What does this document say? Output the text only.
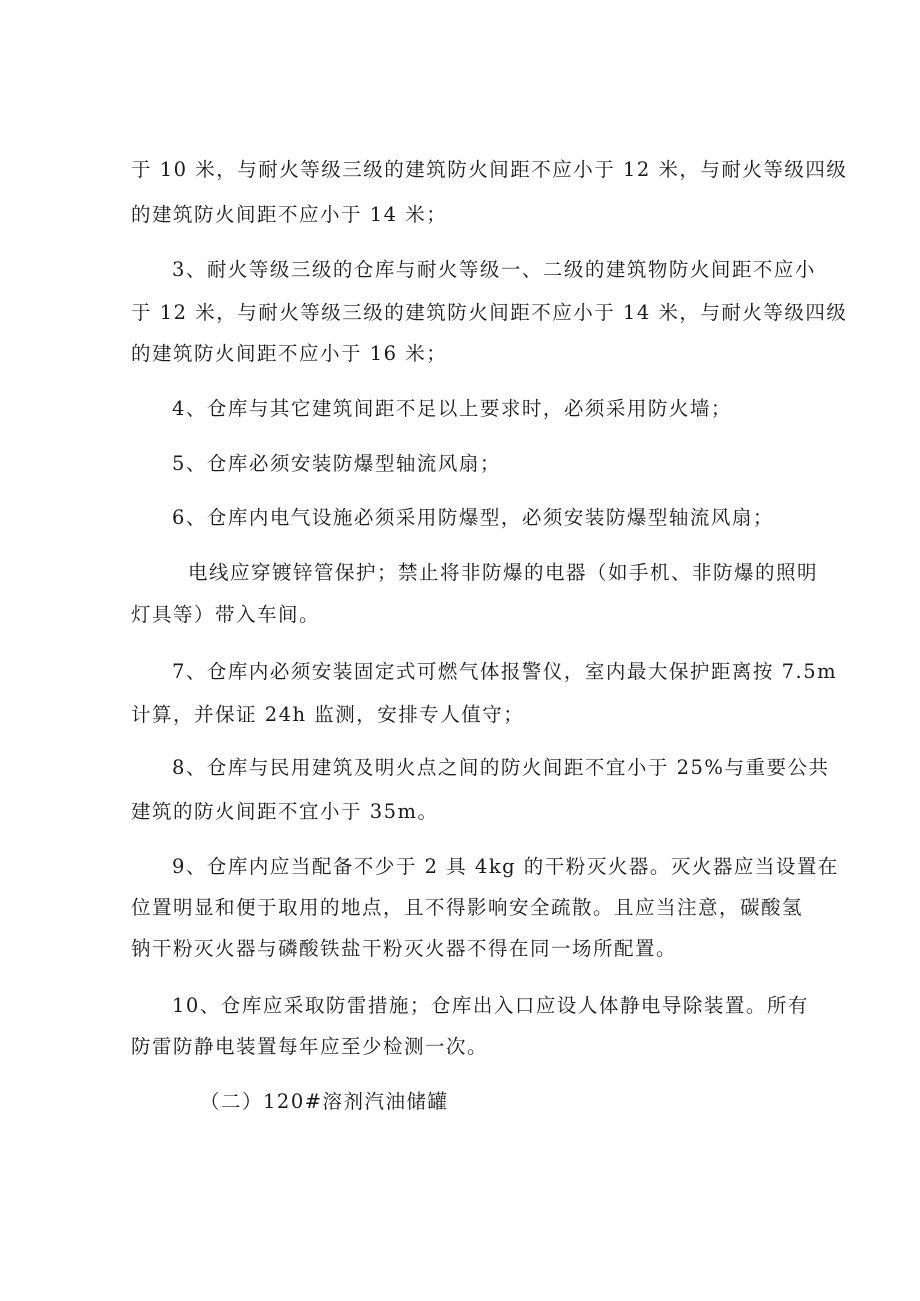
于 10 米，与耐火等级三级的建筑防火间距不应小于 12 米，与耐火等级四级
的建筑防火间距不应小于 14 米；
3、耐火等级三级的仓库与耐火等级一、二级的建筑物防火间距不应小
于 12 米，与耐火等级三级的建筑防火间距不应小于 14 米，与耐火等级四级
的建筑防火间距不应小于 16 米；
4、仓库与其它建筑间距不足以上要求时，必须采用防火墙；
5、仓库必须安装防爆型轴流风扇；
6、仓库内电气设施必须采用防爆型，必须安装防爆型轴流风扇；
电线应穿镀锌管保护；禁止将非防爆的电器（如手机、非防爆的照明
灯具等）带入车间。
7、仓库内必须安装固定式可燃气体报警仪，室内最大保护距离按 7.5m
计算，并保证 24h 监测，安排专人值守；
8、仓库与民用建筑及明火点之间的防火间距不宜小于 25%与重要公共
建筑的防火间距不宜小于 35m。
9、仓库内应当配备不少于 2 具 4kg 的干粉灭火器。灭火器应当设置在
位置明显和便于取用的地点，且不得影响安全疏散。且应当注意，碳酸氢
钠干粉灭火器与磷酸铁盐干粉灭火器不得在同一场所配置。
10、仓库应采取防雷措施；仓库出入口应设人体静电导除装置。所有
防雷防静电装置每年应至少检测一次。
（二）120#溶剂汽油储罐
